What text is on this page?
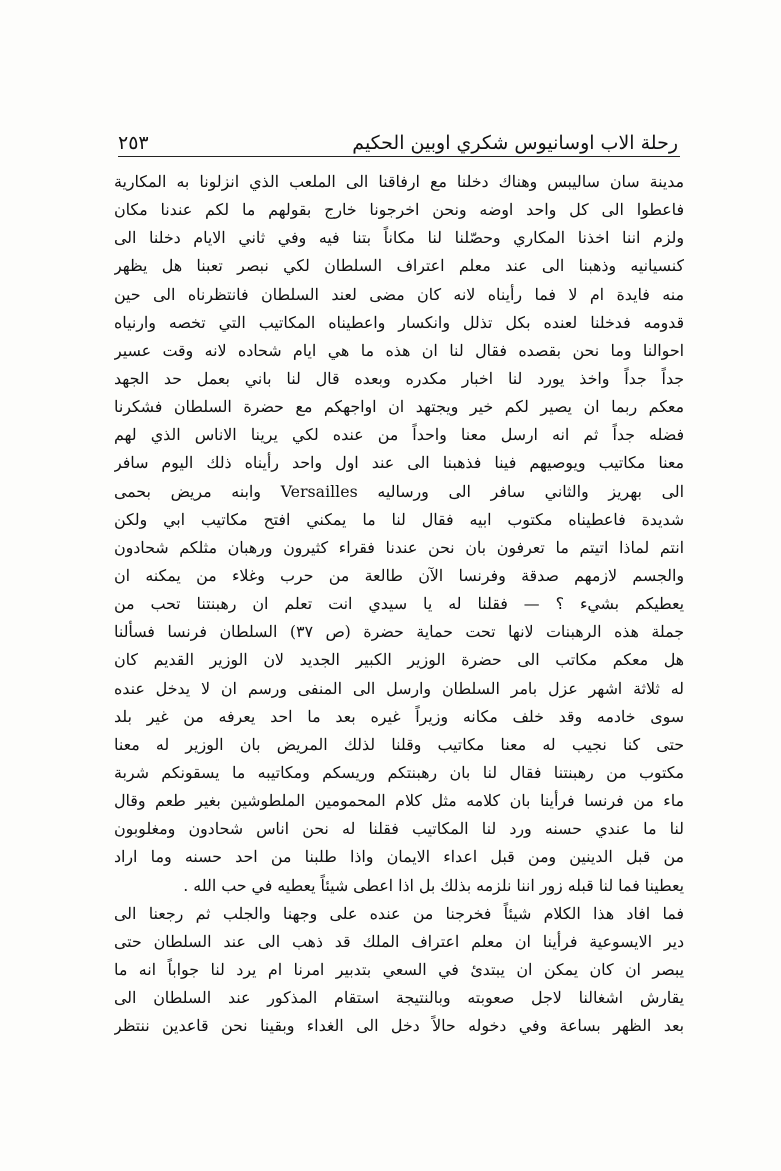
رحلة الاب اوسانيوس شكري اوبين الحكيم
٢٥٣
مدينة سان ساليبس وهناك دخلنا مع ارفاقنا الى الملعب الذي انزلونا به المكارية
فاعطوا الى كل واحد اوضه ونحن اخرجونا خارج بقولهم ما لكم عندنا مكان
ولزم اننا اخذنا المكاري وحصّلنا لنا مكاناً بتنا فيه وفي ثاني الايام دخلنا الى
كنسيانيه وذهبنا الى عند معلم اعتراف السلطان لكي نبصر تعبنا هل يظهر
منه فايدة ام لا فما رأيناه لانه كان مضى لعند السلطان فانتظرناه الى حين
قدومه فدخلنا لعنده بكل تذلل وانكسار واعطيناه المكاتيب التي تخصه وارنياه
احوالنا وما نحن بقصده فقال لنا ان هذه ما هي ايام شحاده لانه وقت عسير
جداً جداً واخذ يورد لنا اخبار مكدره وبعده قال لنا باني بعمل حد الجهد
معكم ربما ان يصير لكم خير ويجتهد ان اواجهكم مع حضرة السلطان فشكرنا
فضله جداً ثم انه ارسل معنا واحداً من عنده لكي يرينا الاناس الذي لهم
معنا مكاتيب ويوصيهم فينا فذهبنا الى عند اول واحد رأيناه ذلك اليوم سافر
الى بهريز والثاني سافر الى ورساليه Versailles وابنه مريض بحمى
شديدة فاعطيناه مكتوب ابيه فقال لنا ما يمكني افتح مكاتيب ابي ولكن
انتم لماذا اتيتم ما تعرفون بان نحن عندنا فقراء كثيرون ورهبان مثلكم شحادون
والجسم لازمهم صدقة وفرنسا الآن طالعة من حرب وغلاء من يمكنه ان
يعطيكم بشيء ؟ — فقلنا له يا سيدي انت تعلم ان رهبنتنا تحب من
جملة هذه الرهبنات لانها تحت حماية حضرة (ص ٣٧) السلطان فرنسا فسألنا
هل معكم مكاتب الى حضرة الوزير الكبير الجديد لان الوزير القديم كان
له ثلاثة اشهر عزل بامر السلطان وارسل الى المنفى ورسم ان لا يدخل عنده
سوى خادمه وقد خلف مكانه وزيراً غيره بعد ما احد يعرفه من غير بلد
حتى كنا نجيب له معنا مكاتيب وقلنا لذلك المريض بان الوزير له معنا
مكتوب من رهبنتنا فقال لنا بان رهبنتكم وريسكم ومكاتيبه ما يسقونكم شربة
ماء من فرنسا فرأينا بان كلامه مثل كلام المحمومين الملطوشين بغير طعم وقال
لنا ما عندي حسنه ورد لنا المكاتيب فقلنا له نحن اناس شحادون ومغلوبون
من قبل الدينين ومن قبل اعداء الايمان واذا طلبنا من احد حسنه وما اراد
يعطينا فما لنا قبله زور اننا نلزمه بذلك بل اذا اعطى شيئاً يعطيه في حب الله .
فما افاد هذا الكلام شيئاً فخرجنا من عنده على وجهنا والجلب ثم رجعنا الى
دير الايسوعية فرأينا ان معلم اعتراف الملك قد ذهب الى عند السلطان حتى
يبصر ان كان يمكن ان يبتدئ في السعي بتدبير امرنا ام يرد لنا جواباً انه ما
يقارش اشغالنا لاجل صعوبته وبالنتيجة استقام المذكور عند السلطان الى
بعد الظهر بساعة وفي دخوله حالاً دخل الى الغداء وبقينا نحن قاعدين ننتظر
